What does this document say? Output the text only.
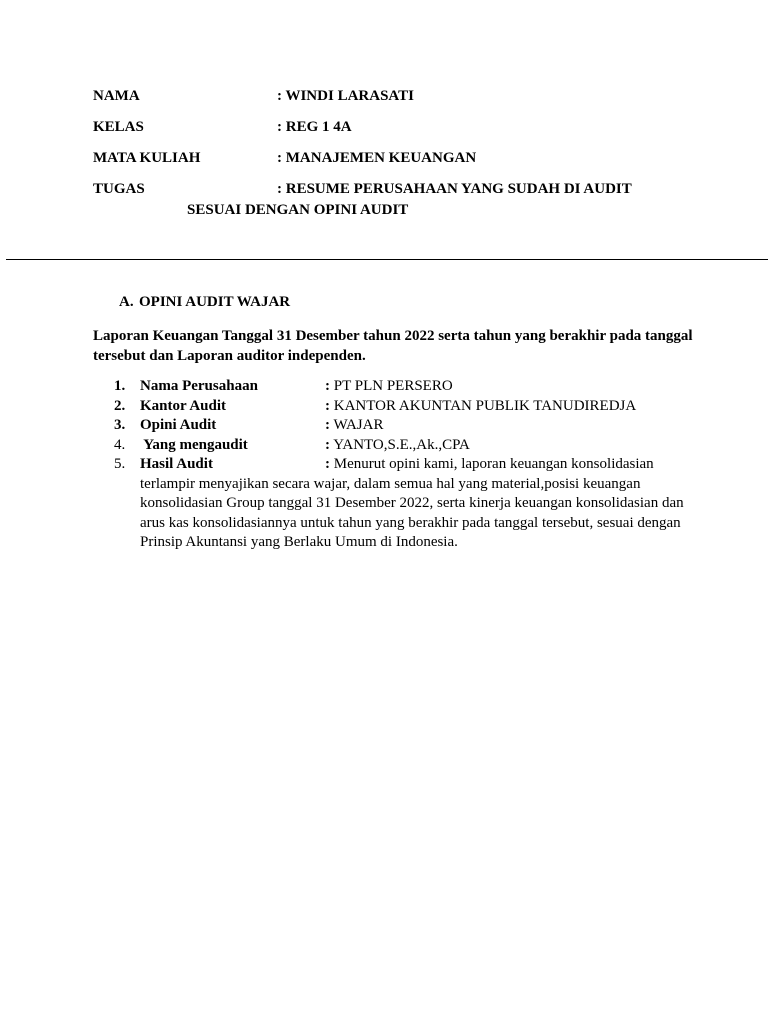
NAMA	: WINDI LARASATI
KELAS	: REG 1 4A
MATA KULIAH	: MANAJEMEN KEUANGAN
TUGAS	: RESUME PERUSAHAAN YANG SUDAH DI AUDIT
SESUAI DENGAN OPINI AUDIT
A. OPINI AUDIT WAJAR
Laporan Keuangan Tanggal 31 Desember tahun 2022 serta tahun yang berakhir pada tanggal tersebut dan Laporan auditor independen.
1. Nama Perusahaan	: PT PLN PERSERO
2. Kantor Audit	: KANTOR AKUNTAN PUBLIK TANUDIREDJA
3. Opini Audit	: WAJAR
4. Yang mengaudit	: YANTO,S.E.,Ak.,CPA
5. Hasil Audit	: Menurut opini kami, laporan keuangan konsolidasian
terlampir menyajikan secara wajar, dalam semua hal yang material,posisi keuangan konsolidasian Group tanggal 31 Desember 2022, serta kinerja keuangan konsolidasian dan arus kas konsolidasiannya untuk tahun yang berakhir pada tanggal tersebut, sesuai dengan Prinsip Akuntansi yang Berlaku Umum di Indonesia.
